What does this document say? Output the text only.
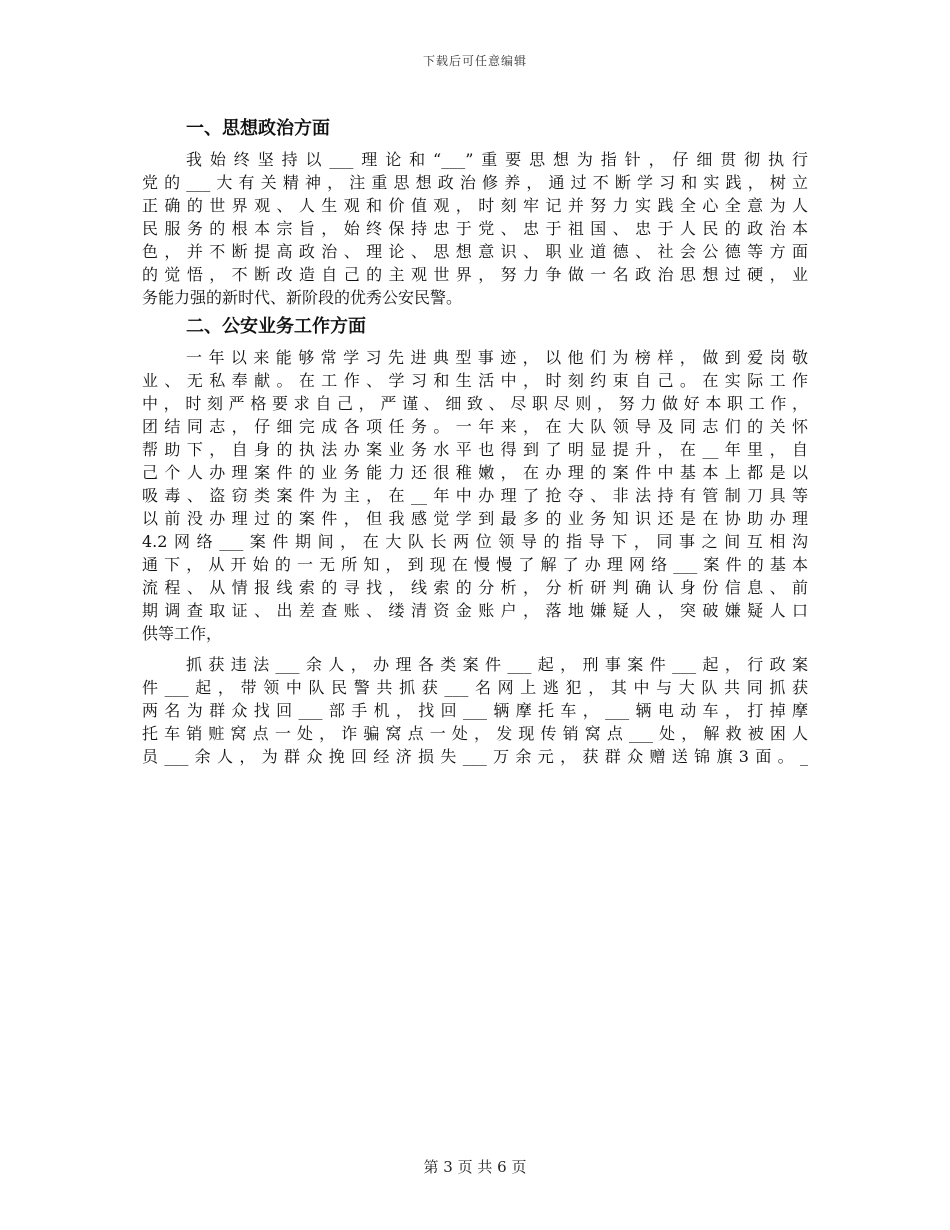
下载后可任意编辑
一、思想政治方面
我始终坚持以___理论和“___”重要思想为指针，仔细贯彻执行
党的___大有关精神，注重思想政治修养，通过不断学习和实践，树立
正确的世界观、人生观和价值观，时刻牢记并努力实践全心全意为人
民服务的根本宗旨，始终保持忠于党、忠于祖国、忠于人民的政治本
色，并不断提高政治、理论、思想意识、职业道德、社会公德等方面
的觉悟，不断改造自己的主观世界，努力争做一名政治思想过硬，业
务能力强的新时代、新阶段的优秀公安民警。
二、公安业务工作方面
一年以来能够常学习先进典型事迹，以他们为榜样，做到爱岗敬
业、无私奉献。在工作、学习和生活中，时刻约束自己。在实际工作
中，时刻严格要求自己，严谨、细致、尽职尽则，努力做好本职工作，
团结同志，仔细完成各项任务。一年来，在大队领导及同志们的关怀
帮助下，自身的执法办案业务水平也得到了明显提升，在__年里，自
己个人办理案件的业务能力还很稚嫩，在办理的案件中基本上都是以
吸毒、盗窃类案件为主，在__年中办理了抢夺、非法持有管制刀具等
以前没办理过的案件，但我感觉学到最多的业务知识还是在协助办理
4.2网络___案件期间，在大队长两位领导的指导下，同事之间互相沟
通下，从开始的一无所知，到现在慢慢了解了办理网络___案件的基本
流程、从情报线索的寻找，线索的分析，分析研判确认身份信息、前
期调查取证、出差查账、缕清资金账户，落地嫌疑人，突破嫌疑人口
供等工作，
抓获违法___余人，办理各类案件___起，刑事案件___起，行政案
件___起，带领中队民警共抓获___名网上逃犯，其中与大队共同抓获
两名为群众找回___部手机，找回___辆摩托车，___辆电动车，打掉摩
托车销赃窝点一处，诈骗窝点一处，发现传销窝点___处，解救被困人
员___余人，为群众挽回经济损失___万余元，获群众赠送锦旗3面。_
第 3 页 共 6 页
